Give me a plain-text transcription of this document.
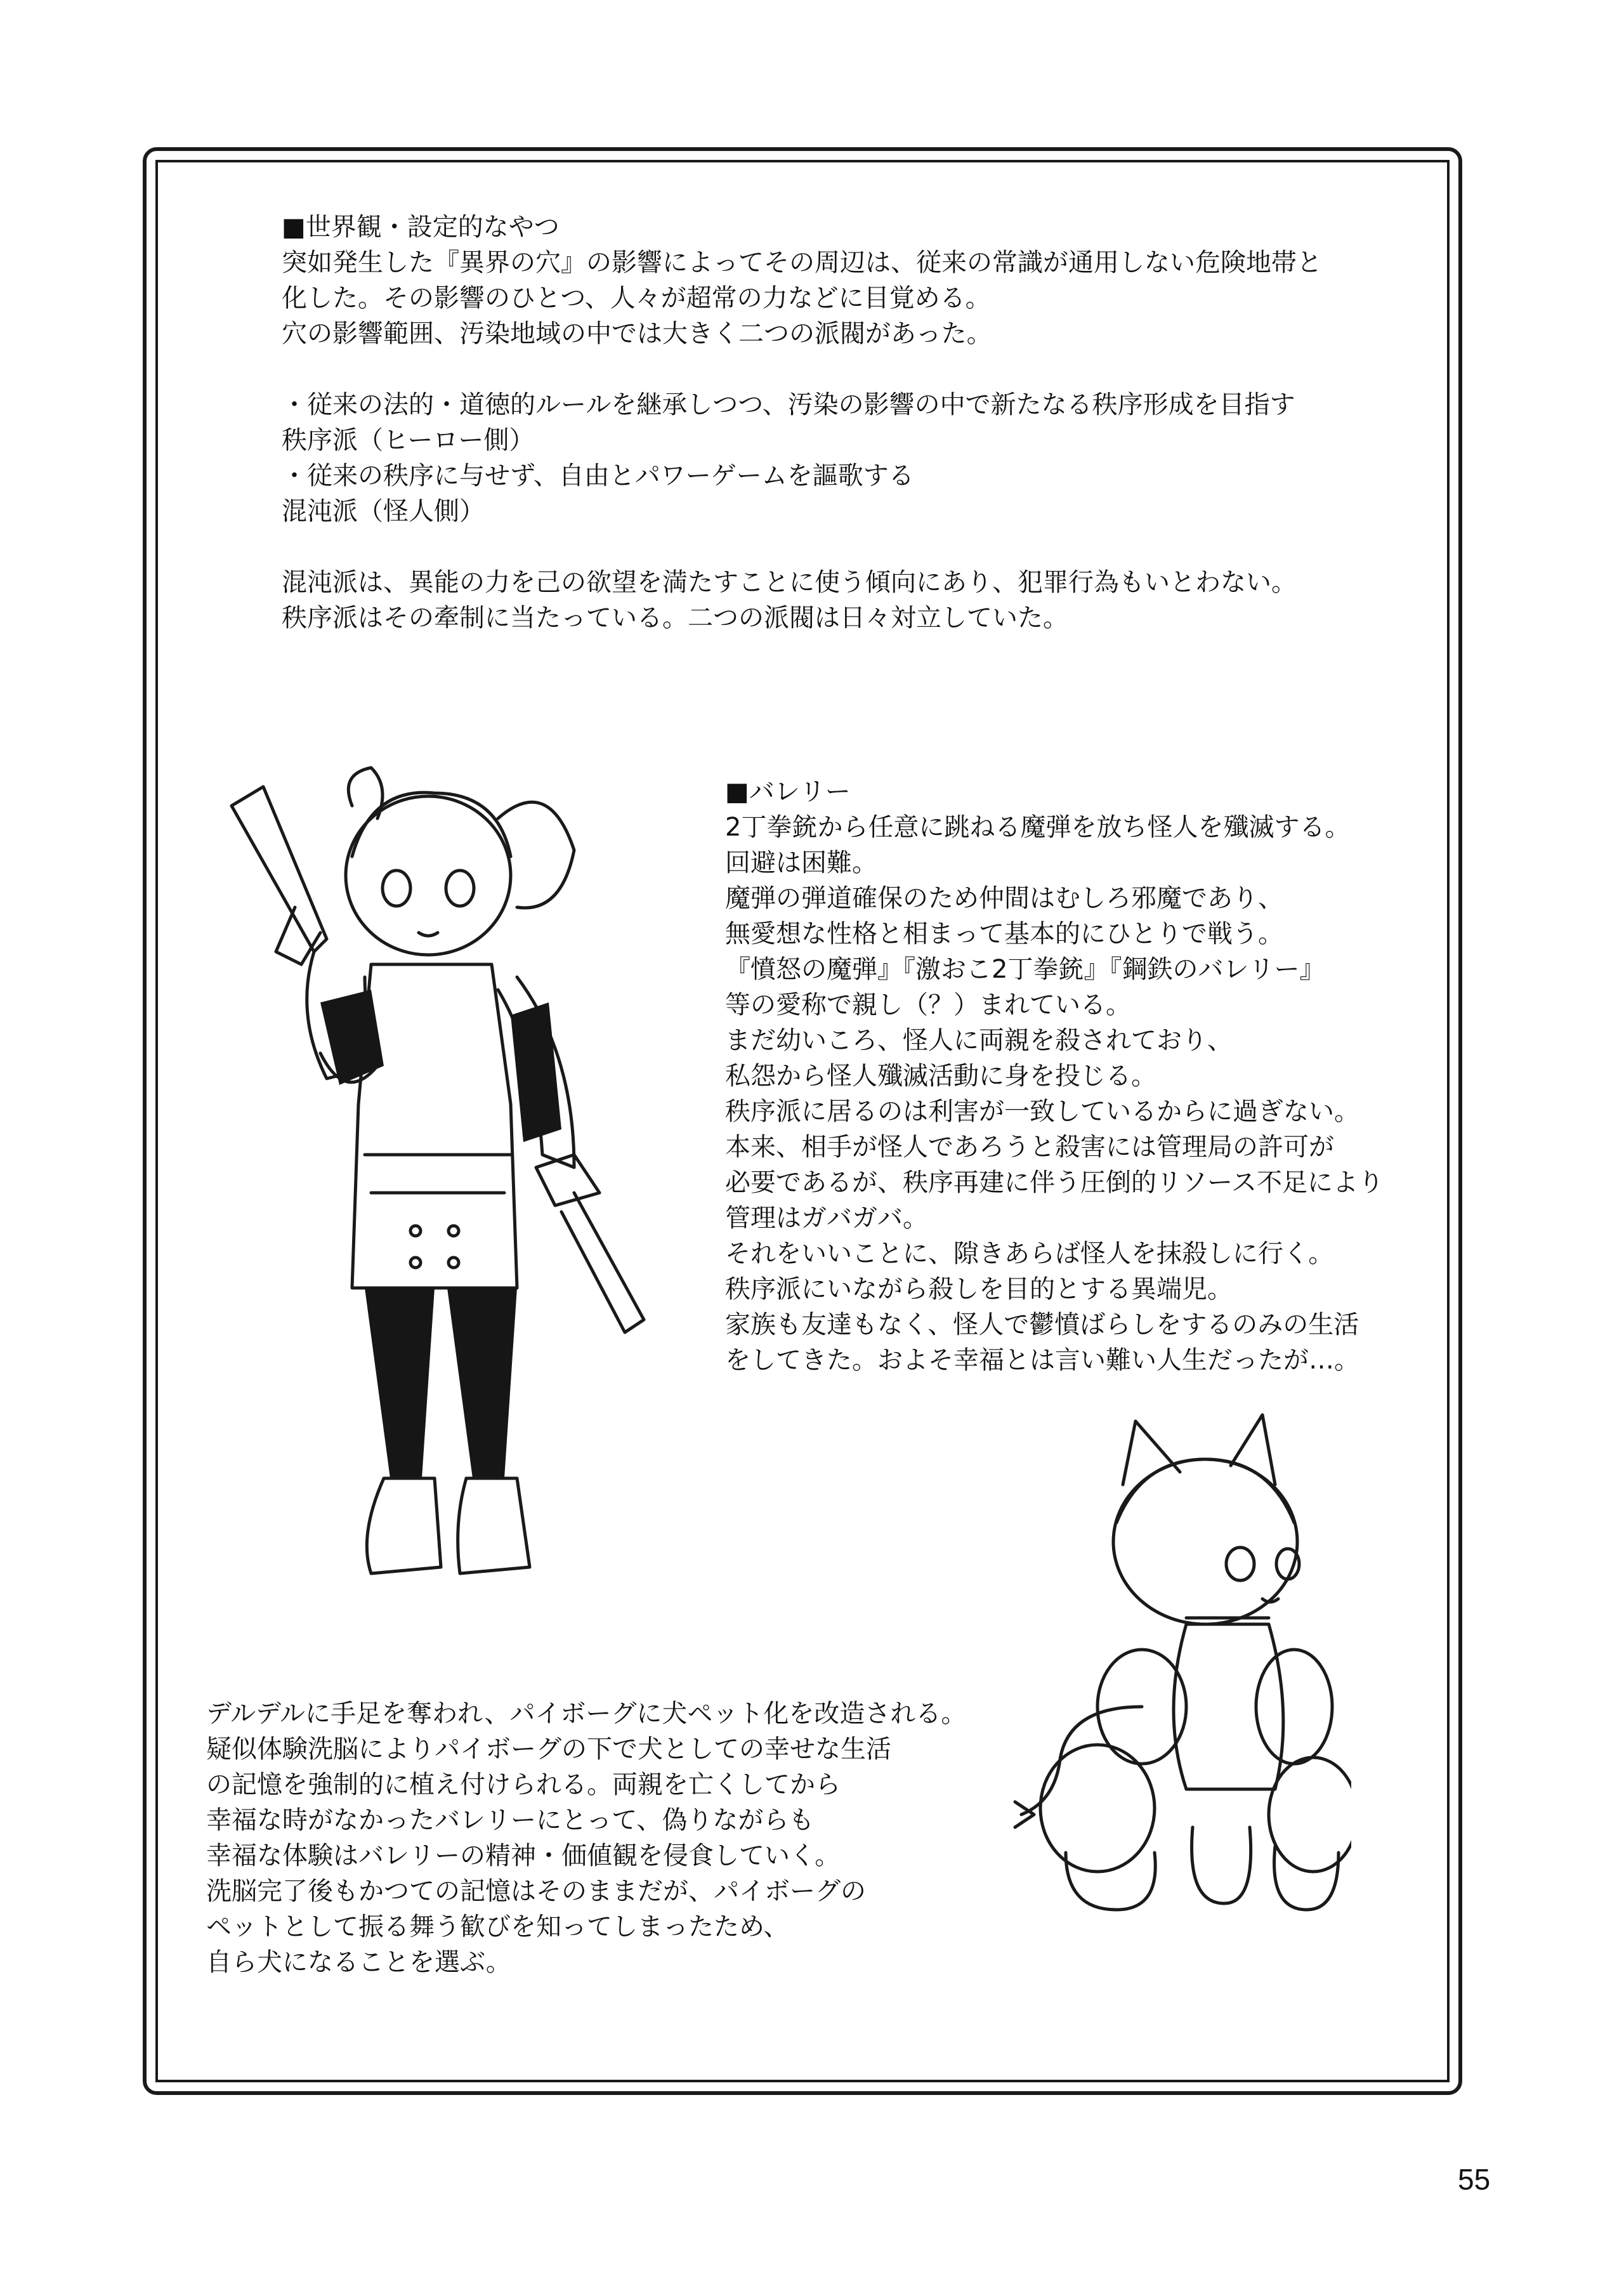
■世界観・設定的なやつ

突如発生した『異界の穴』の影響によってその周辺は、従来の常識が通用しない危険地帯と

化した。その影響のひとつ、人々が超常の力などに目覚める。

穴の影響範囲、汚染地域の中では大きく二つの派閥があった。

・従来の法的・道徳的ルールを継承しつつ、汚染の影響の中で新たなる秩序形成を目指す

秩序派（ヒーロー側）

・従来の秩序に与せず、自由とパワーゲームを謳歌する

混沌派（怪人側）

混沌派は、異能の力を己の欲望を満たすことに使う傾向にあり、犯罪行為もいとわない。

秩序派はその牽制に当たっている。二つの派閥は日々対立していた。

■バレリー

2丁拳銃から任意に跳ねる魔弾を放ち怪人を殲滅する。

回避は困難。

魔弾の弾道確保のため仲間はむしろ邪魔であり、

無愛想な性格と相まって基本的にひとりで戦う。

『憤怒の魔弾』『激おこ2丁拳銃』『鋼鉄のバレリー』

等の愛称で親し（？）まれている。

まだ幼いころ、怪人に両親を殺されており、

私怨から怪人殲滅活動に身を投じる。

秩序派に居るのは利害が一致しているからに過ぎない。

本来、相手が怪人であろうと殺害には管理局の許可が

必要であるが、秩序再建に伴う圧倒的リソース不足により

管理はガバガバ。

それをいいことに、隙きあらば怪人を抹殺しに行く。

秩序派にいながら殺しを目的とする異端児。

家族も友達もなく、怪人で鬱憤ばらしをするのみの生活

をしてきた。およそ幸福とは言い難い人生だったが…。

デルデルに手足を奪われ、パイボーグに犬ペット化を改造される。

疑似体験洗脳によりパイボーグの下で犬としての幸せな生活

の記憶を強制的に植え付けられる。両親を亡くしてから

幸福な時がなかったバレリーにとって、偽りながらも

幸福な体験はバレリーの精神・価値観を侵食していく。

洗脳完了後もかつての記憶はそのままだが、パイボーグの

ペットとして振る舞う歓びを知ってしまったため、

自ら犬になることを選ぶ。

55
